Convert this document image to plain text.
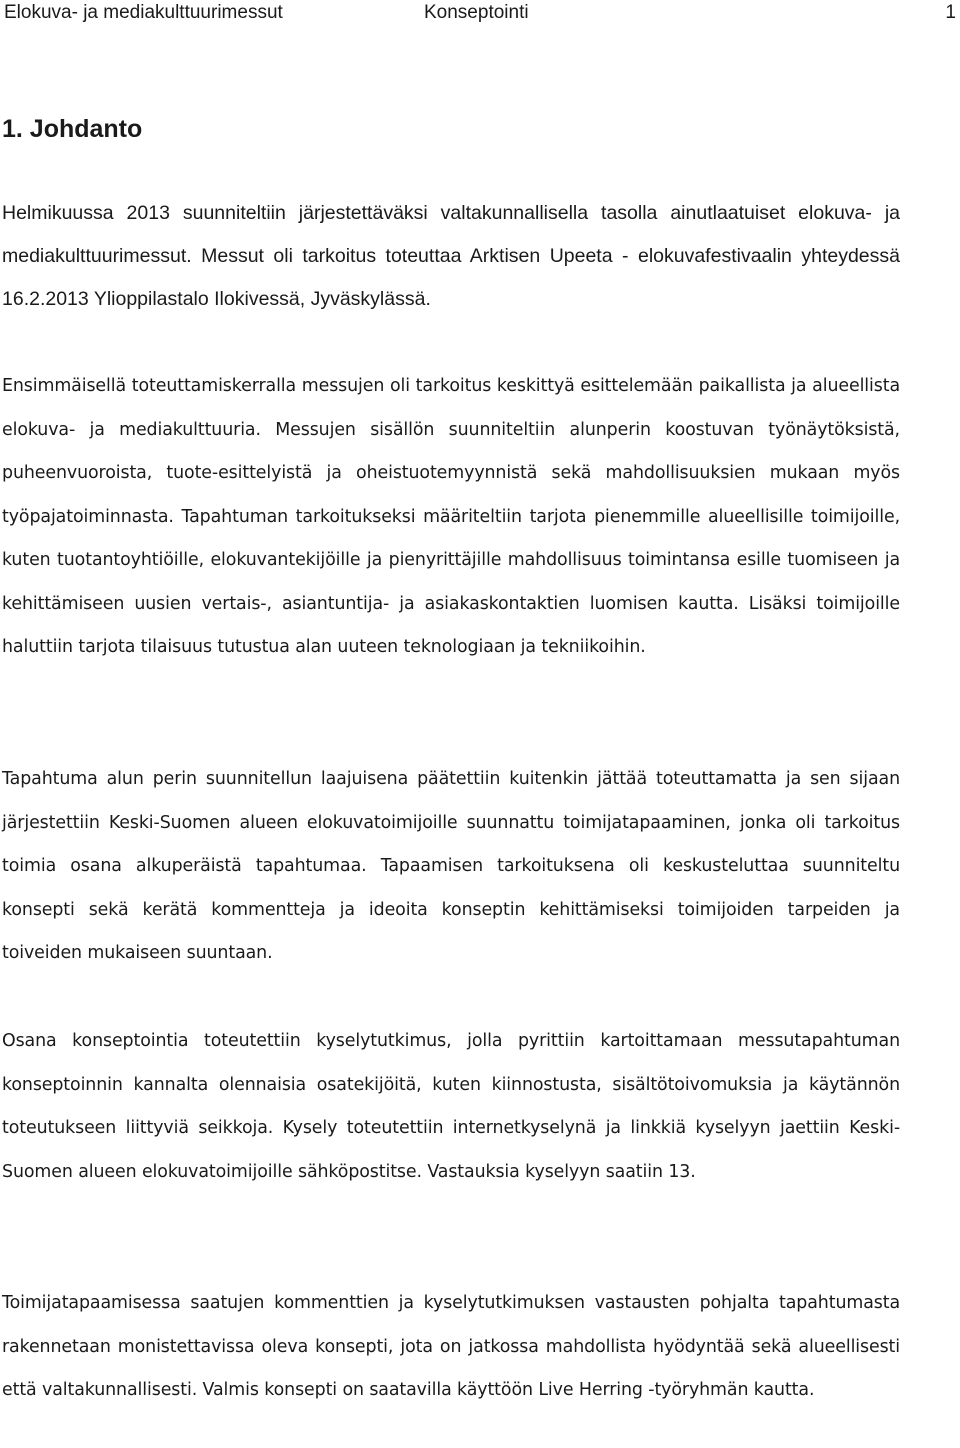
Elokuva- ja mediakulttuurimessut	Konseptointi	1
1. Johdanto

Helmikuussa 2013 suunniteltiin järjestettäväksi valtakunnallisella tasolla ainutlaatuiset elokuva- ja mediakulttuurimessut. Messut oli tarkoitus toteuttaa Arktisen Upeeta - elokuvafestivaalin yhteydessä 16.2.2013 Ylioppilastalo Ilokivessä, Jyväskylässä.

Ensimmäisellä toteuttamiskerralla messujen oli tarkoitus keskittyä esittelemään paikallista ja alueellista elokuva- ja mediakulttuuria. Messujen sisällön suunniteltiin alunperin koostuvan työnäytöksistä, puheenvuoroista, tuote-esittelyistä ja oheistuotemyynnistä sekä mahdollisuuksien mukaan myös työpajatoiminnasta. Tapahtuman tarkoitukseksi määriteltiin tarjota pienemmille alueellisille toimijoille, kuten tuotantoyhtiöille, elokuvantekijöille ja pienyrittäjille mahdollisuus toimintansa esille tuomiseen ja kehittämiseen uusien vertais-, asiantuntija- ja asiakaskontaktien luomisen kautta. Lisäksi toimijoille haluttiin tarjota tilaisuus tutustua alan uuteen teknologiaan ja tekniikoihin.

Tapahtuma alun perin suunnitellun laajuisena päätettiin kuitenkin jättää toteuttamatta ja sen sijaan järjestettiin Keski-Suomen alueen elokuvatoimijoille suunnattu toimijatapaaminen, jonka oli tarkoitus toimia osana alkuperäistä tapahtumaa. Tapaamisen tarkoituksena oli keskusteluttaa suunniteltu konsepti sekä kerätä kommentteja ja ideoita konseptin kehittämiseksi toimijoiden tarpeiden ja toiveiden mukaiseen suuntaan.

Osana konseptointia toteutettiin kyselytutkimus, jolla pyrittiin kartoittamaan messutapahtuman konseptoinnin kannalta olennaisia osatekijöitä, kuten kiinnostusta, sisältötoivomuksia ja käytännön toteutukseen liittyviä seikkoja. Kysely toteutettiin internetkyselynä ja linkkiä kyselyyn jaettiin Keski-Suomen alueen elokuvatoimijoille sähköpostitse. Vastauksia kyselyyn saatiin 13.

Toimijatapaamisessa saatujen kommenttien ja kyselytutkimuksen vastausten pohjalta tapahtumasta rakennetaan monistettavissa oleva konsepti, jota on jatkossa mahdollista hyödyntää sekä alueellisesti että valtakunnallisesti. Valmis konsepti on saatavilla käyttöön Live Herring -työryhmän kautta.
